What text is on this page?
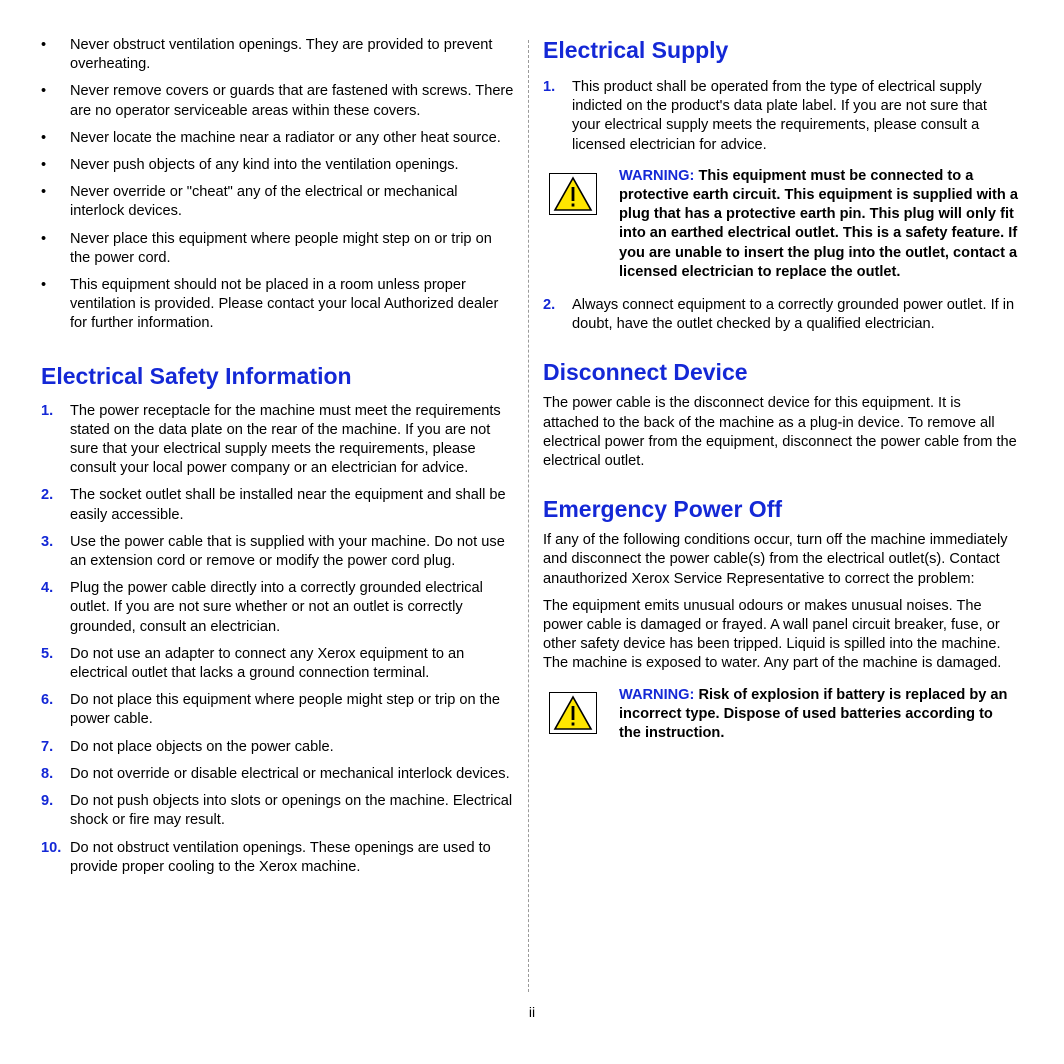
• Never obstruct ventilation openings. They are provided to prevent overheating.
• Never remove covers or guards that are fastened with screws. There are no operator serviceable areas within these covers.
• Never locate the machine near a radiator or any other heat source.
• Never push objects of any kind into the ventilation openings.
• Never override or "cheat" any of the electrical or mechanical interlock devices.
• Never place this equipment where people might step on or trip on the power cord.
• This equipment should not be placed in a room unless proper ventilation is provided. Please contact your local Authorized dealer for further information.
Electrical Safety Information
1. The power receptacle for the machine must meet the requirements stated on the data plate on the rear of the machine. If you are not sure that your electrical supply meets the requirements, please consult your local power company or an electrician for advice.
2. The socket outlet shall be installed near the equipment and shall be easily accessible.
3. Use the power cable that is supplied with your machine. Do not use an extension cord or remove or modify the power cord plug.
4. Plug the power cable directly into a correctly grounded electrical outlet. If you are not sure whether or not an outlet is correctly grounded, consult an electrician.
5. Do not use an adapter to connect any Xerox equipment to an electrical outlet that lacks a ground connection terminal.
6. Do not place this equipment where people might step or trip on the power cable.
7. Do not place objects on the power cable.
8. Do not override or disable electrical or mechanical interlock devices.
9. Do not push objects into slots or openings on the machine. Electrical shock or fire may result.
10. Do not obstruct ventilation openings. These openings are used to provide proper cooling to the Xerox machine.
Electrical Supply
1. This product shall be operated from the type of electrical supply indicted on the product's data plate label. If you are not sure that your electrical supply meets the requirements, please consult a licensed electrician for advice.
WARNING: This equipment must be connected to a protective earth circuit. This equipment is supplied with a plug that has a protective earth pin. This plug will only fit into an earthed electrical outlet. This is a safety feature. If you are unable to insert the plug into the outlet, contact a licensed electrician to replace the outlet.
2. Always connect equipment to a correctly grounded power outlet. If in doubt, have the outlet checked by a qualified electrician.
Disconnect Device

The power cable is the disconnect device for this equipment. It is attached to the back of the machine as a plug-in device. To remove all electrical power from the equipment, disconnect the power cable from the electrical outlet.

Emergency Power Off

If any of the following conditions occur, turn off the machine immediately and disconnect the power cable(s) from the electrical outlet(s). Contact anauthorized Xerox Service Representative to correct the problem:

The equipment emits unusual odours or makes unusual noises. The power cable is damaged or frayed. A wall panel circuit breaker, fuse, or other safety device has been tripped. Liquid is spilled into the machine. The machine is exposed to water. Any part of the machine is damaged.

WARNING: Risk of explosion if battery is replaced by an incorrect type. Dispose of used batteries according to the instruction.
ii
